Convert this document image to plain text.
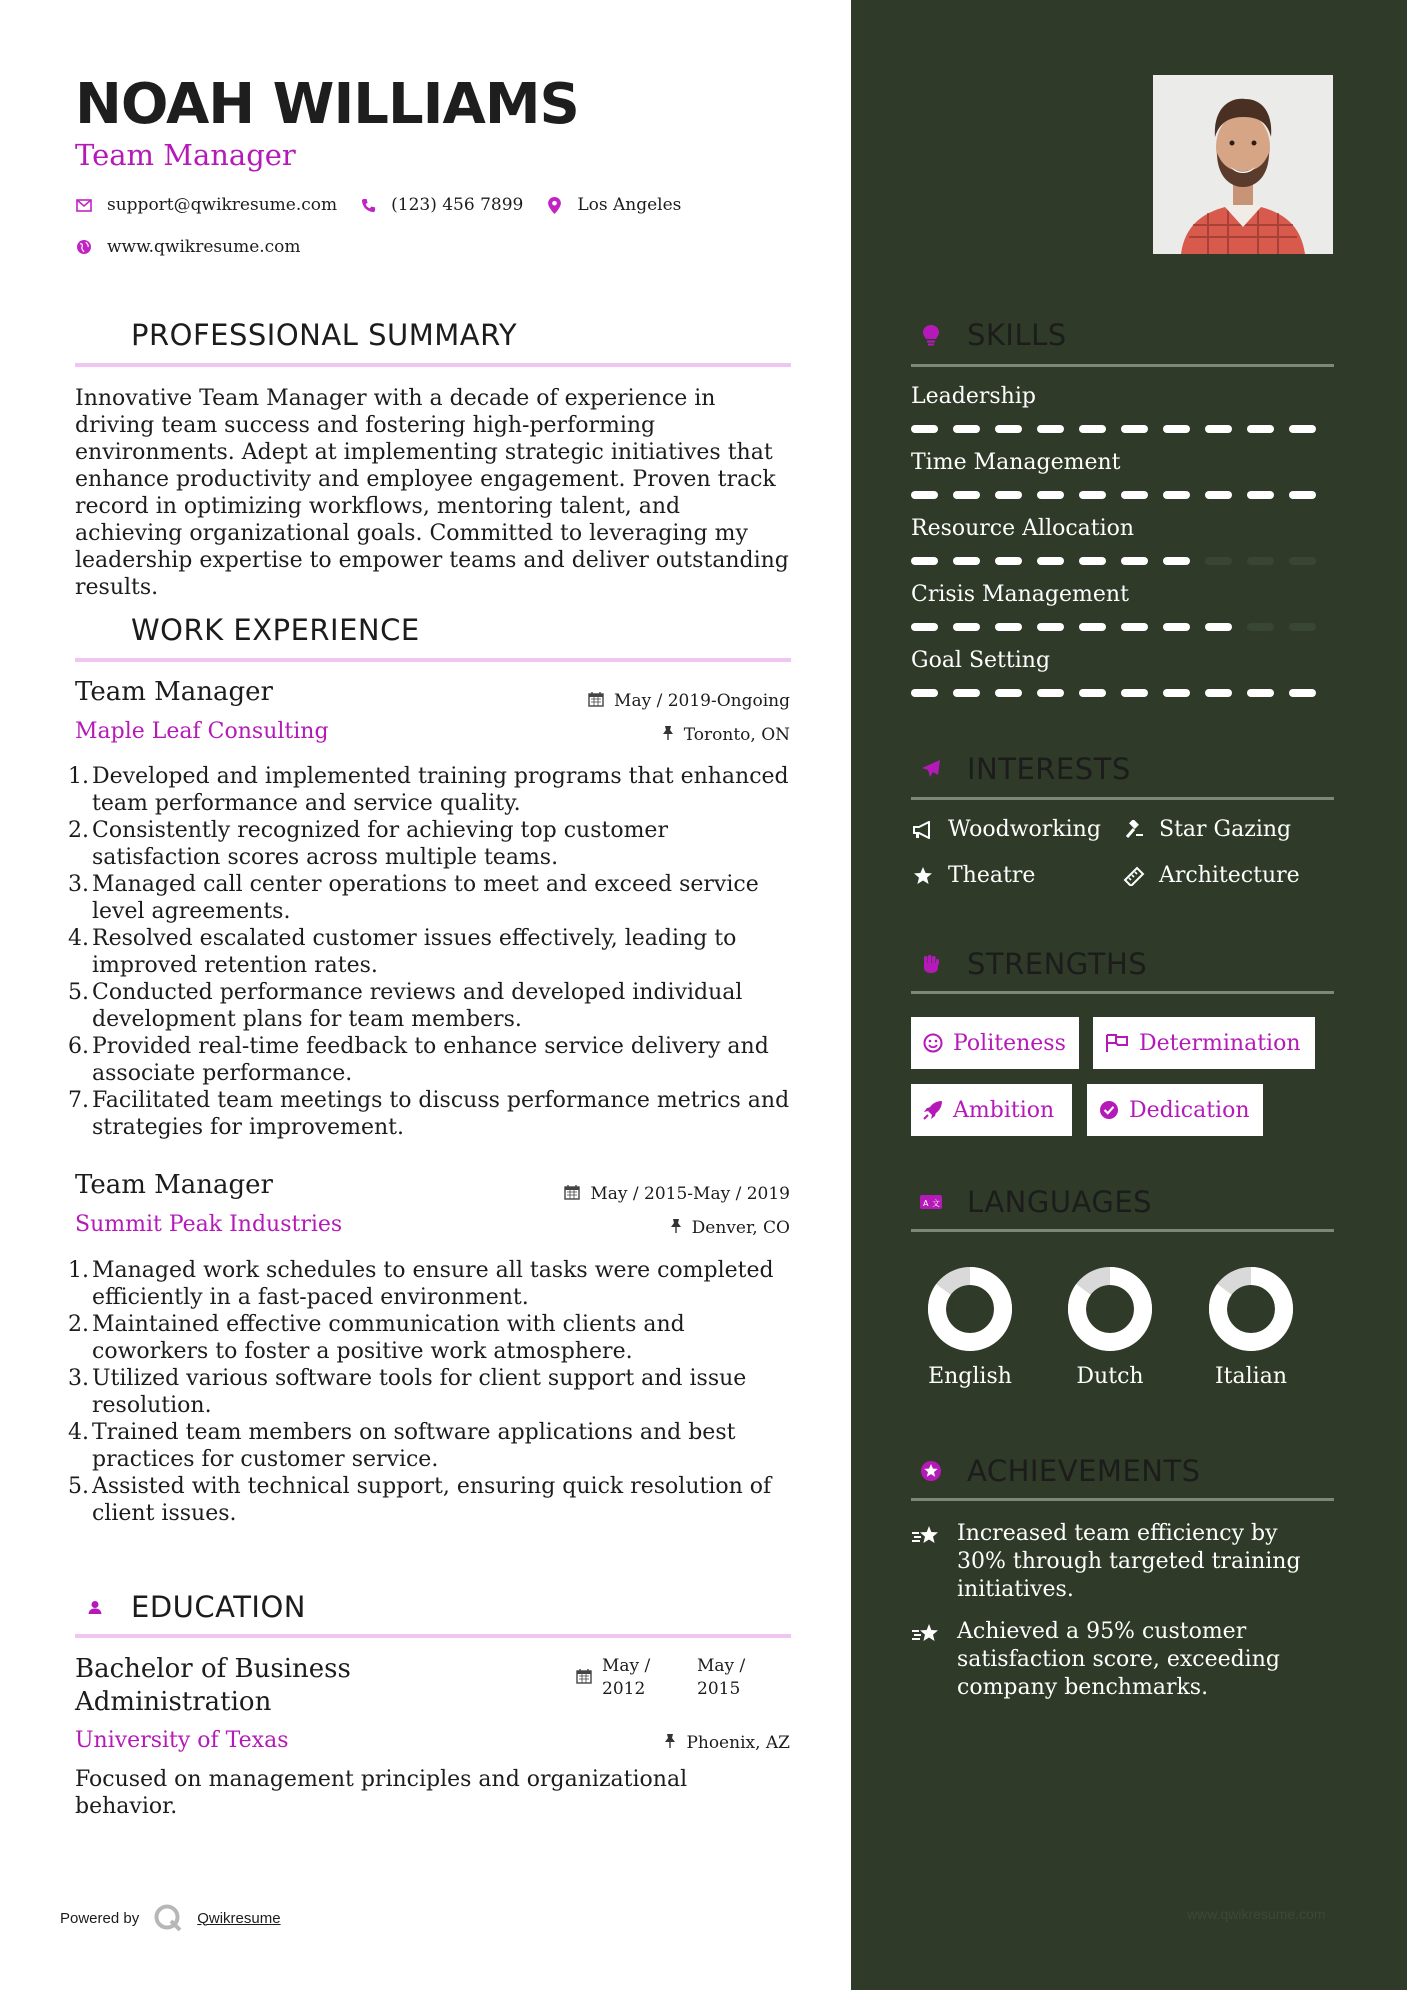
www.qwikresume.com
NOAH WILLIAMS
Team Manager
support@qwikresume.com	(123) 456 7899	Los Angeles
www.qwikresume.com
PROFESSIONAL SUMMARY

Innovative Team Manager with a decade of experience in driving team success and fostering high-performing environments. Adept at implementing strategic initiatives that enhance productivity and employee engagement. Proven track record in optimizing workflows, mentoring talent, and achieving organizational goals. Committed to leveraging my leadership expertise to empower teams and deliver outstanding results.

WORK EXPERIENCE
Team Manager	May / 2019-Ongoing
Maple Leaf Consulting	Toronto, ON
1. Developed and implemented training programs that enhanced team performance and service quality.
2. Consistently recognized for achieving top customer satisfaction scores across multiple teams.
3. Managed call center operations to meet and exceed service level agreements.
4. Resolved escalated customer issues effectively, leading to improved retention rates.
5. Conducted performance reviews and developed individual development plans for team members.
6. Provided real-time feedback to enhance service delivery and associate performance.
7. Facilitated team meetings to discuss performance metrics and strategies for improvement.
Team Manager	May / 2015-May / 2019
Summit Peak Industries	Denver, CO
1. Managed work schedules to ensure all tasks were completed efficiently in a fast-paced environment.
2. Maintained effective communication with clients and coworkers to foster a positive work atmosphere.
3. Utilized various software tools for client support and issue resolution.
4. Trained team members on software applications and best practices for customer service.
5. Assisted with technical support, ensuring quick resolution of client issues.
EDUCATION
Bachelor of Business Administration
May / 2012
May / 2015
University of Texas	Phoenix, AZ

Focused on management principles and organizational behavior.

Powered by	Qwikresume
SKILLS
Leadership
Time Management
Resource Allocation
Crisis Management
Goal Setting
INTERESTS
Woodworking	Star Gazing
Theatre	Architecture
STRENGTHS
Politeness	Determination
Ambition	Dedication
A 文 LANGUAGES
English	Dutch	Italian
ACHIEVEMENTS
Increased team efficiency by 30% through targeted training initiatives.
Achieved a 95% customer satisfaction score, exceeding company benchmarks.
